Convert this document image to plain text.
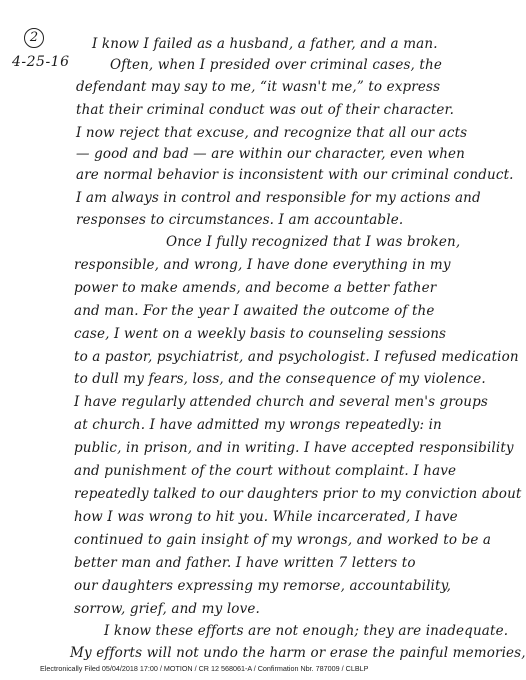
2
4-25-16
I know I failed as a husband, a father, and a man.
Often, when I presided over criminal cases, the
defendant may say to me, “it wasn't me,” to express
that their criminal conduct was out of their character.
I now reject that excuse, and recognize that all our acts
— good and bad — are within our character, even when
are normal behavior is inconsistent with our criminal conduct.
I am always in control and responsible for my actions and
responses to circumstances. I am accountable.
Once I fully recognized that I was broken,
responsible, and wrong, I have done everything in my
power to make amends, and become a better father
and man. For the year I awaited the outcome of the
case, I went on a weekly basis to counseling sessions
to a pastor, psychiatrist, and psychologist. I refused medication
to dull my fears, loss, and the consequence of my violence.
I have regularly attended church and several men's groups
at church. I have admitted my wrongs repeatedly: in
public, in prison, and in writing. I have accepted responsibility
and punishment of the court without complaint. I have
repeatedly talked to our daughters prior to my conviction about
how I was wrong to hit you. While incarcerated, I have
continued to gain insight of my wrongs, and worked to be a
better man and father. I have written 7 letters to
our daughters expressing my remorse, accountability,
sorrow, grief, and my love.
I know these efforts are not enough; they are inadequate.
My efforts will not undo the harm or erase the painful memories,
Electronically Filed 05/04/2018 17:00 / MOTION / CR 12 568061-A / Confirmation Nbr. 787009 / CLBLP
